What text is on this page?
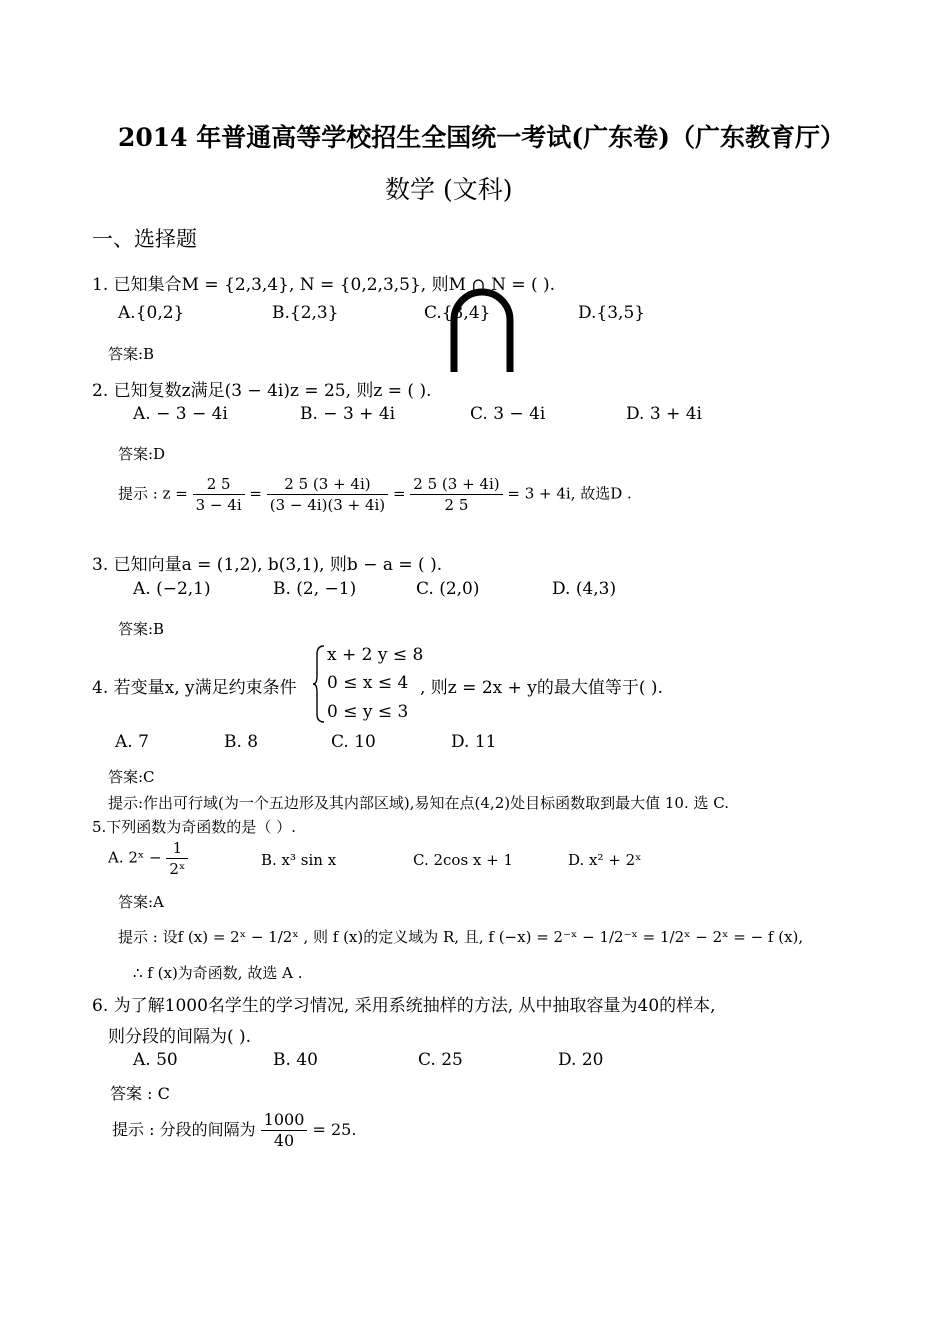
2014 年普通高等学校招生全国统一考试(广东卷)（广东教育厅）
数学 (文科)
一、选择题
1. 已知集合M = {2,3,4}, N = {0,2,3,5}, 则M ∩ N = ( ).
A.{0,2}	B.{2,3}	C.{3,4}	D.{3,5}
答案:B
2. 已知复数z满足(3 − 4i)z = 25, 则z = ( ).
A. − 3 − 4i	B. − 3 + 4i	C. 3 − 4i	D. 3 + 4i
答案:D
提示 : $z = \frac{2 5}{3 - 4i} = \frac{2 5 (3 + 4i)}{(3 - 4i)(3 + 4i)} = \frac{2 5 (3 + 4i)}{2 5} = 3 + 4i$, 故选D .
3. 已知向量a = (1,2), b(3,1), 则b − a = ( ).
A. (−2,1)	B. (2, −1)	C. (2,0)	D. (4,3)
答案:B
4. 若变量x, y满足约束条件
x + 2 y ≤ 8
0 ≤ x ≤ 4
0 ≤ y ≤ 3
, 则z = 2x + y的最大值等于( ).
A. 7	B. 8	C. 10	D. 11
答案:C
提示:作出可行域(为一个五边形及其内部区域),易知在点(4,2)处目标函数取到最大值 10. 选 C.
5.下列函数为奇函数的是（ ）.
A. 2ˣ − $\frac{1}{\text{2ˣ}}$	B. x³ sin x	C. 2cos x + 1	D. x² + 2ˣ
答案:A
提示 : 设f (x) = 2ˣ − 1/2ˣ , 则 f (x)的定义域为 R, 且, f (−x) = 2⁻ˣ − 1/2⁻ˣ = 1/2ˣ − 2ˣ = − f (x),
∴ f (x)为奇函数, 故选 A .
6. 为了解1000名学生的学习情况, 采用系统抽样的方法, 从中抽取容量为40的样本,
则分段的间隔为( ).
A. 50	B. 40	C. 25	D. 20
答案 : C
提示 : 分段的间隔为 $\frac{1000}{40} = 25$.
